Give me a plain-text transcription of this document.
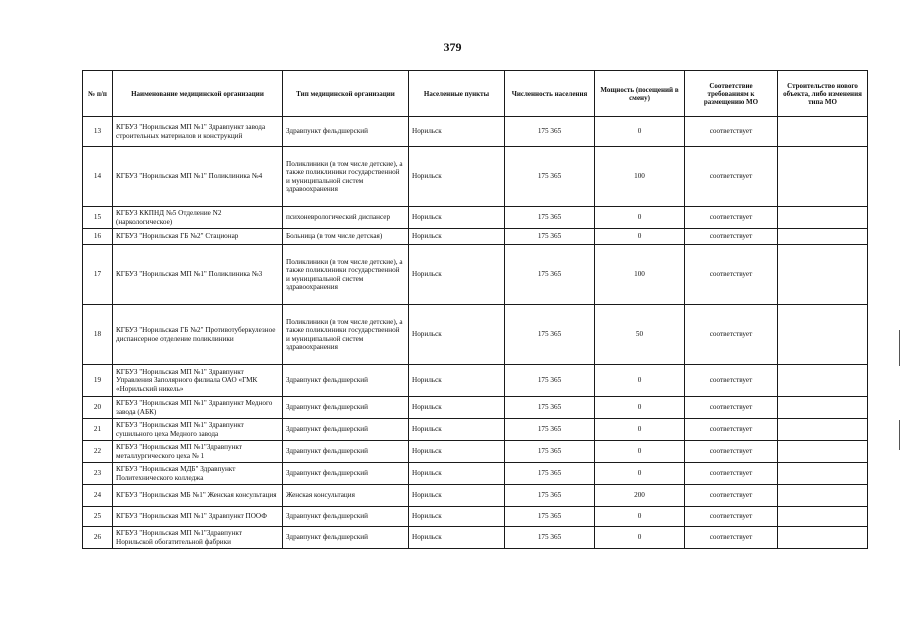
379
№ п/п	Наименование медицинской организации	Тип медицинской организации	Населенные пункты	Численность населения	Мощность (посещений в смену)	Соответствие требованиям к размещению МО	Строительство нового объекта, либо изменения типа МО
13	КГБУЗ "Норильская МП №1" Здравпункт завода строительных материалов и конструкций	Здравпункт фельдшерский	Норильск	175 365	0	соответствует	
14	КГБУЗ "Норильская МП №1" Поликлиника №4	Поликлиники (в том числе детские), а также поликлиники государственной и муниципальной систем здравоохранения	Норильск	175 365	100	соответствует	
15	КГБУЗ ККПНД №5 Отделение N2 (наркологическое)	психоневрологический диспансер	Норильск	175 365	0	соответствует	
16	КГБУЗ "Норильская ГБ №2" Стационар	Больница (в том числе детская)	Норильск	175 365	0	соответствует	
17	КГБУЗ "Норильская МП №1" Поликлиника №3	Поликлиники (в том числе детские), а также поликлиники государственной и муниципальной систем здравоохранения	Норильск	175 365	100	соответствует	
18	КГБУЗ "Норильская ГБ №2" Противотуберкулезное диспансерное отделение поликлиники	Поликлиники (в том числе детские), а также поликлиники государственной и муниципальной систем здравоохранения	Норильск	175 365	50	соответствует	
19	КГБУЗ "Норильская МП №1" Здравпункт Управления Заполярного филиала ОАО «ГМК «Норильский никель»	Здравпункт фельдшерский	Норильск	175 365	0	соответствует	
20	КГБУЗ "Норильская МП №1" Здравпункт Медного завода (АБК)	Здравпункт фельдшерский	Норильск	175 365	0	соответствует	
21	КГБУЗ "Норильская МП №1" Здравпункт сушильного цеха Медного завода	Здравпункт фельдшерский	Норильск	175 365	0	соответствует	
22	КГБУЗ "Норильская МП №1"Здравпункт металлургического цеха № 1	Здравпункт фельдшерский	Норильск	175 365	0	соответствует	
23	КГБУЗ "Норильская МДБ" Здравпункт Политехнического колледжа	Здравпункт фельдшерский	Норильск	175 365	0	соответствует	
24	КГБУЗ "Норильская МБ №1" Женская консультация	Женская консультация	Норильск	175 365	200	соответствует	
25	КГБУЗ "Норильская МП №1" Здравпункт ПООФ	Здравпункт фельдшерский	Норильск	175 365	0	соответствует	
26	КГБУЗ "Норильская МП №1"Здравпункт Норильской обогатительной фабрики	Здравпункт фельдшерский	Норильск	175 365	0	соответствует	
